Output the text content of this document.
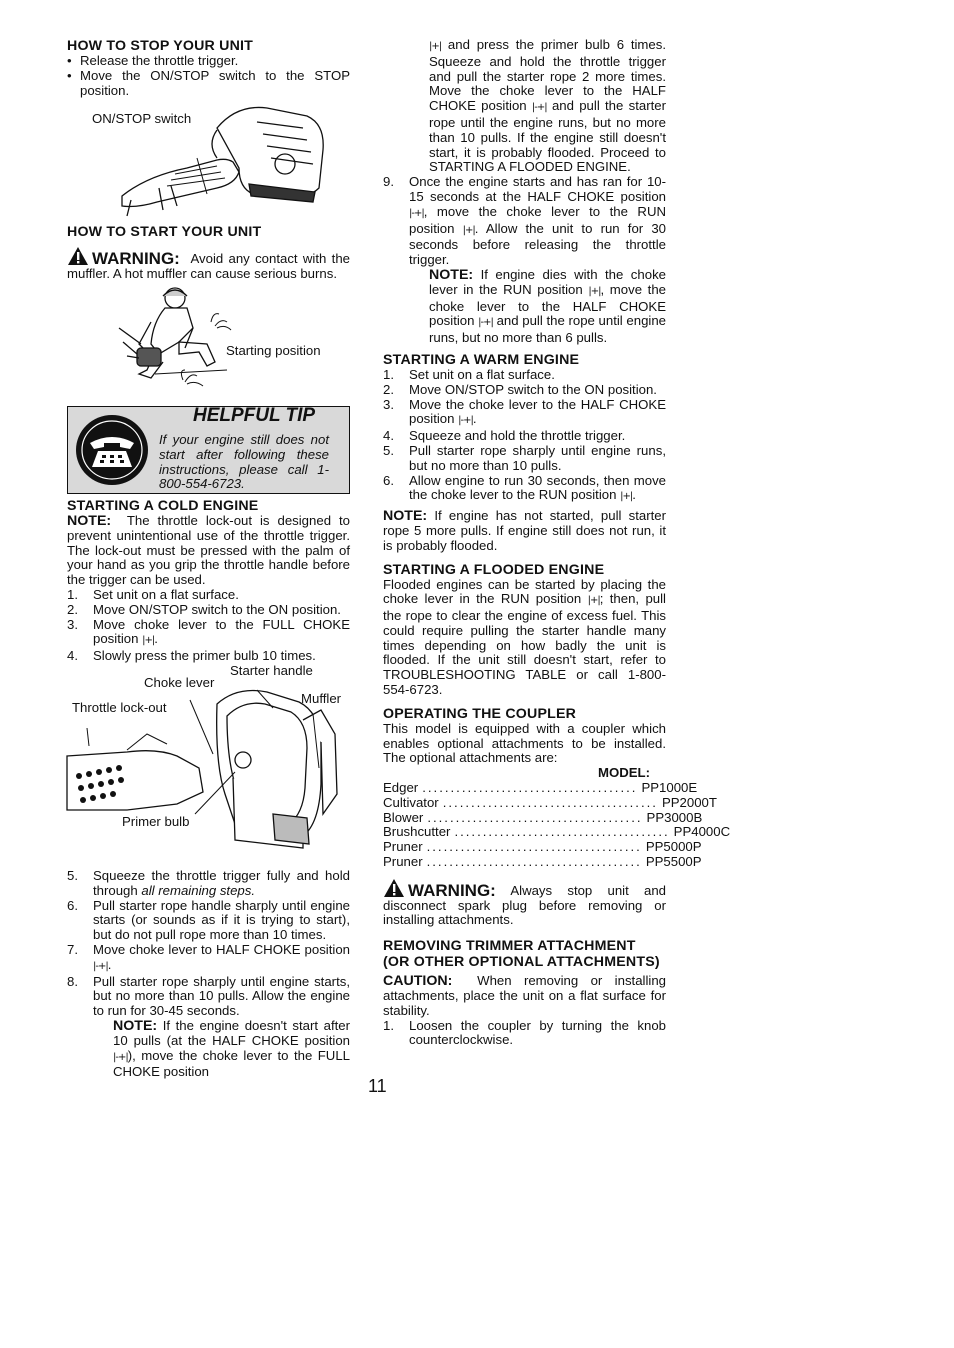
HOW TO STOP YOUR UNIT
• Release the throttle trigger.
• Move the ON/STOP switch to the STOP position.
ON/STOP switch
HOW TO START YOUR UNIT

WARNING: Avoid any contact with the muffler. A hot muffler can cause serious burns.

Starting position
HELPFUL TIP
If your engine still does not start after following these instructions, please call 1-800-554-6723.
STARTING A COLD ENGINE

NOTE: The throttle lock-out is designed to prevent unintentional use of the throttle trigger. The lock-out must be pressed with the palm of your hand as you grip the throttle handle before the trigger can be used.

1. Set unit on a flat surface.
2. Move ON/STOP switch to the ON position.
3. Move choke lever to the FULL CHOKE position |+|.
4. Slowly press the primer bulb 10 times.
Starter handle
Choke lever
Muffler
Throttle lock-out
Primer bulb
5. Squeeze the throttle trigger fully and hold through all remaining steps.
6. Pull starter rope handle sharply until engine starts (or sounds as if it is trying to start), but do not pull rope more than 10 times.
7. Move choke lever to HALF CHOKE position |-+|.
8. Pull starter rope sharply until engine starts, but no more than 10 pulls. Allow the engine to run for 30-45 seconds.

NOTE: If the engine doesn't start after 10 pulls (at the HALF CHOKE position |-+|), move the choke lever to the FULL CHOKE position

|+| and press the primer bulb 6 times. Squeeze and hold the throttle trigger and pull the starter rope 2 more times. Move the choke lever to the HALF CHOKE position |-+| and pull the starter rope until the engine runs, but no more than 10 pulls. If the engine still doesn't start, it is probably flooded. Proceed to STARTING A FLOODED ENGINE.

9. Once the engine starts and has ran for 10-15 seconds at the HALF CHOKE position |-+|, move the choke lever to the RUN position |+|. Allow the unit to run for 30 seconds before releasing the throttle trigger.

NOTE: If engine dies with the choke lever in the RUN position |+|, move the choke lever to the HALF CHOKE position |-+| and pull the rope until engine runs, but no more than 6 pulls.

STARTING A WARM ENGINE
1. Set unit on a flat surface.
2. Move ON/STOP switch to the ON position.
3. Move the choke lever to the HALF CHOKE position |-+|.
4. Squeeze and hold the throttle trigger.
5. Pull starter rope sharply until engine runs, but no more than 10 pulls.
6. Allow engine to run 30 seconds, then move the choke lever to the RUN position |+|.

NOTE: If engine has not started, pull starter rope 5 more pulls. If engine still does not run, it is probably flooded.

STARTING A FLOODED ENGINE

Flooded engines can be started by placing the choke lever in the RUN position |+|; then, pull the rope to clear the engine of excess fuel. This could require pulling the starter handle many times depending on how badly the unit is flooded. If the unit still doesn't start, refer to TROUBLESHOOTING TABLE or call 1-800-554-6723.

OPERATING THE COUPLER

This model is equipped with a coupler which enables optional attachments to be installed. The optional attachments are:

MODEL:
Edger ...................................... PP1000E
Cultivator ...................................... PP2000T
Blower ...................................... PP3000B
Brushcutter ...................................... PP4000C
Pruner ...................................... PP5000P
Pruner ...................................... PP5500P

WARNING: Always stop unit and disconnect spark plug before removing or installing attachments.

REMOVING TRIMMER ATTACHMENT (OR OTHER OPTIONAL ATTACHMENTS)

CAUTION: When removing or installing attachments, place the unit on a flat surface for stability.

1. Loosen the coupler by turning the knob counterclockwise.
11
